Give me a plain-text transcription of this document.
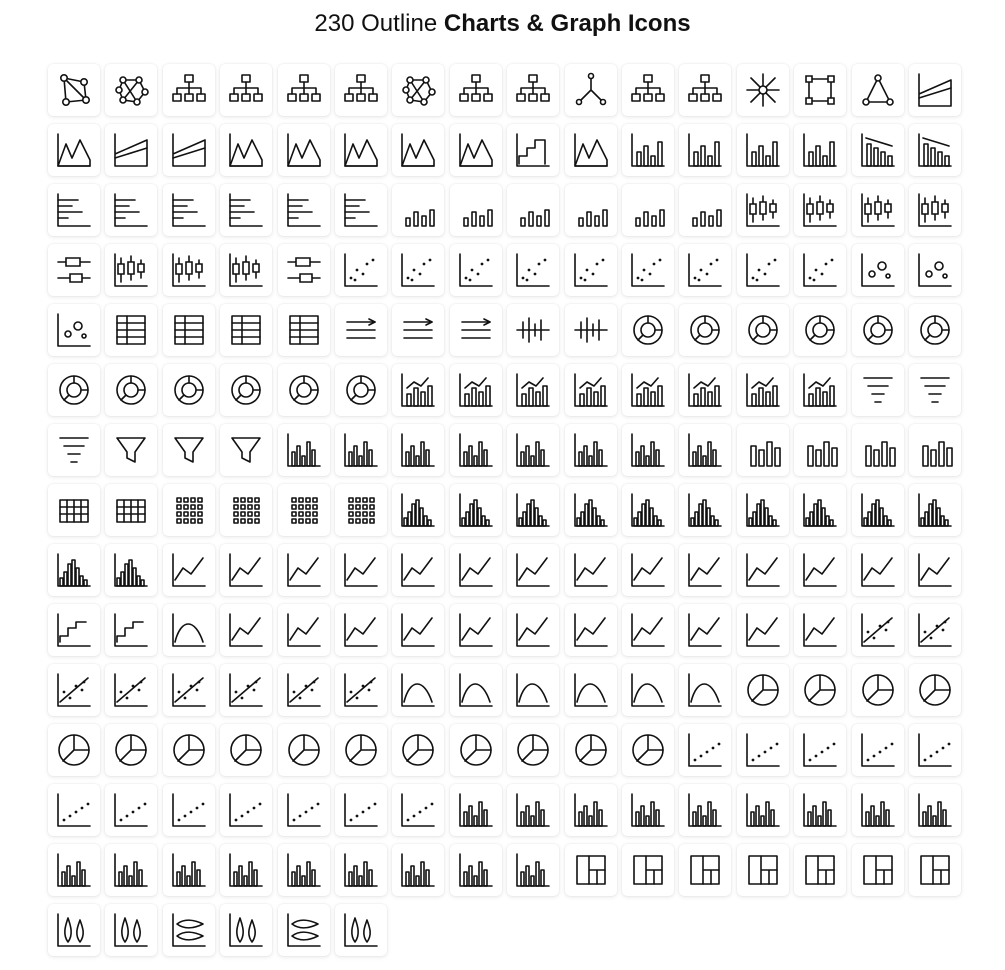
230 Outline Charts & Graph Icons
